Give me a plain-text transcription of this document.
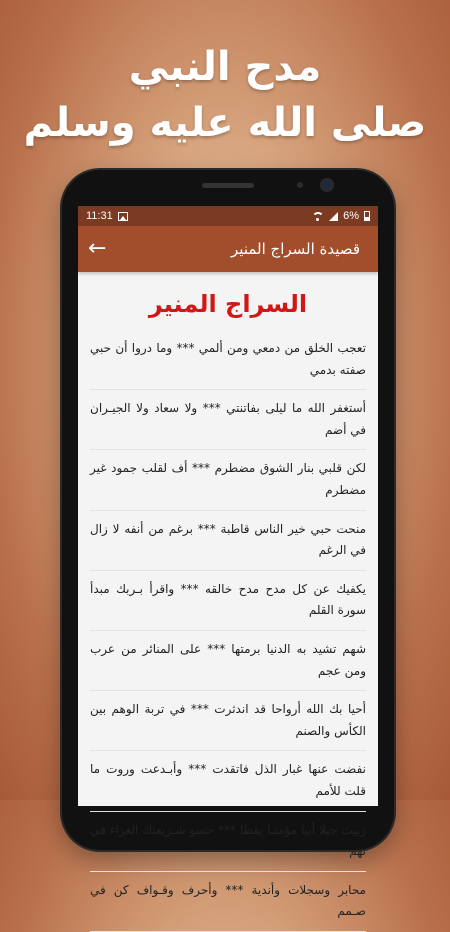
مدح النبي
صلى الله عليه وسلم
11:31	6%
←	قصيدة السراج المنير
السراج المنير
تعجب الخلق من دمعي ومن ألمي *** وما دروا أن حبي صفته بدمي
أستغفر الله ما ليلى بفاتنتي *** ولا سعاد ولا الجيـران في أضم
لكن قلبي بنار الشوق مضطرم *** أف لقلب جمود غير مضطرم
منحت حبي خير الناس قاطبة *** برغم من أنفه لا زال في الرغم
يكفيك عن كل مدح مدح خالقه *** واقرأ بـربك مبدأ سورة القلم
شهم تشيد به الدنيا برمتها *** على المنائر من عرب ومن عجم
أحيا بك الله أرواحا قد اندثرت *** في تربة الوهم بين الكأس والصنم
نفضت عنها غبار الذل فاتقدت *** وأبـدعت وروت ما قلت للأمم
ربيت جيلا أبيا مؤمنـا يقظا *** حسو شـريعتك الغراء في نهم
محابر وسجلات وأندية *** وأحرف وقـواف كن في صـمم
